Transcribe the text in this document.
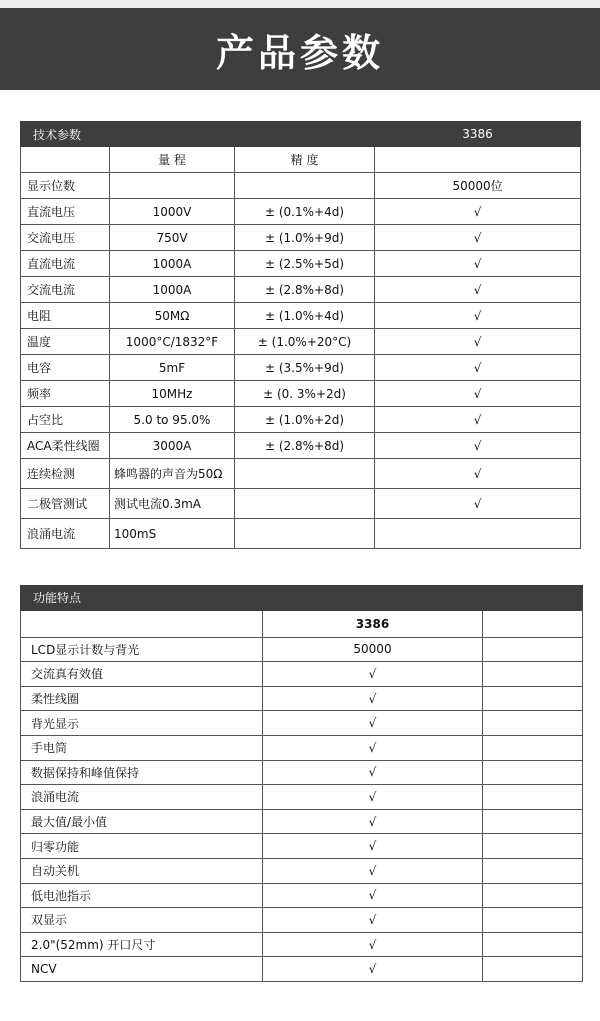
产品参数
技术参数			3386
	量 程	精 度	
显示位数			50000位
直流电压	1000V	± (0.1%+4d)	√
交流电压	750V	± (1.0%+9d)	√
直流电流	1000A	± (2.5%+5d)	√
交流电流	1000A	± (2.8%+8d)	√
电阻	50MΩ	± (1.0%+4d)	√
温度	1000°C/1832°F	± (1.0%+20°C)	√
电容	5mF	± (3.5%+9d)	√
频率	10MHz	± (0. 3%+2d)	√
占空比	5.0 to 95.0%	± (1.0%+2d)	√
ACA柔性线圈	3000A	± (2.8%+8d)	√
连续检测	蜂鸣器的声音为50Ω		√
二极管测试	测试电流0.3mA		√
浪涌电流	100mS		
功能特点		
	3386	
LCD显示计数与背光	50000	
交流真有效值	√	
柔性线圈	√	
背光显示	√	
手电筒	√	
数据保持和峰值保持	√	
浪涌电流	√	
最大值/最小值	√	
归零功能	√	
自动关机	√	
低电池指示	√	
双显示	√	
2.0"(52mm) 开口尺寸	√	
NCV	√	
